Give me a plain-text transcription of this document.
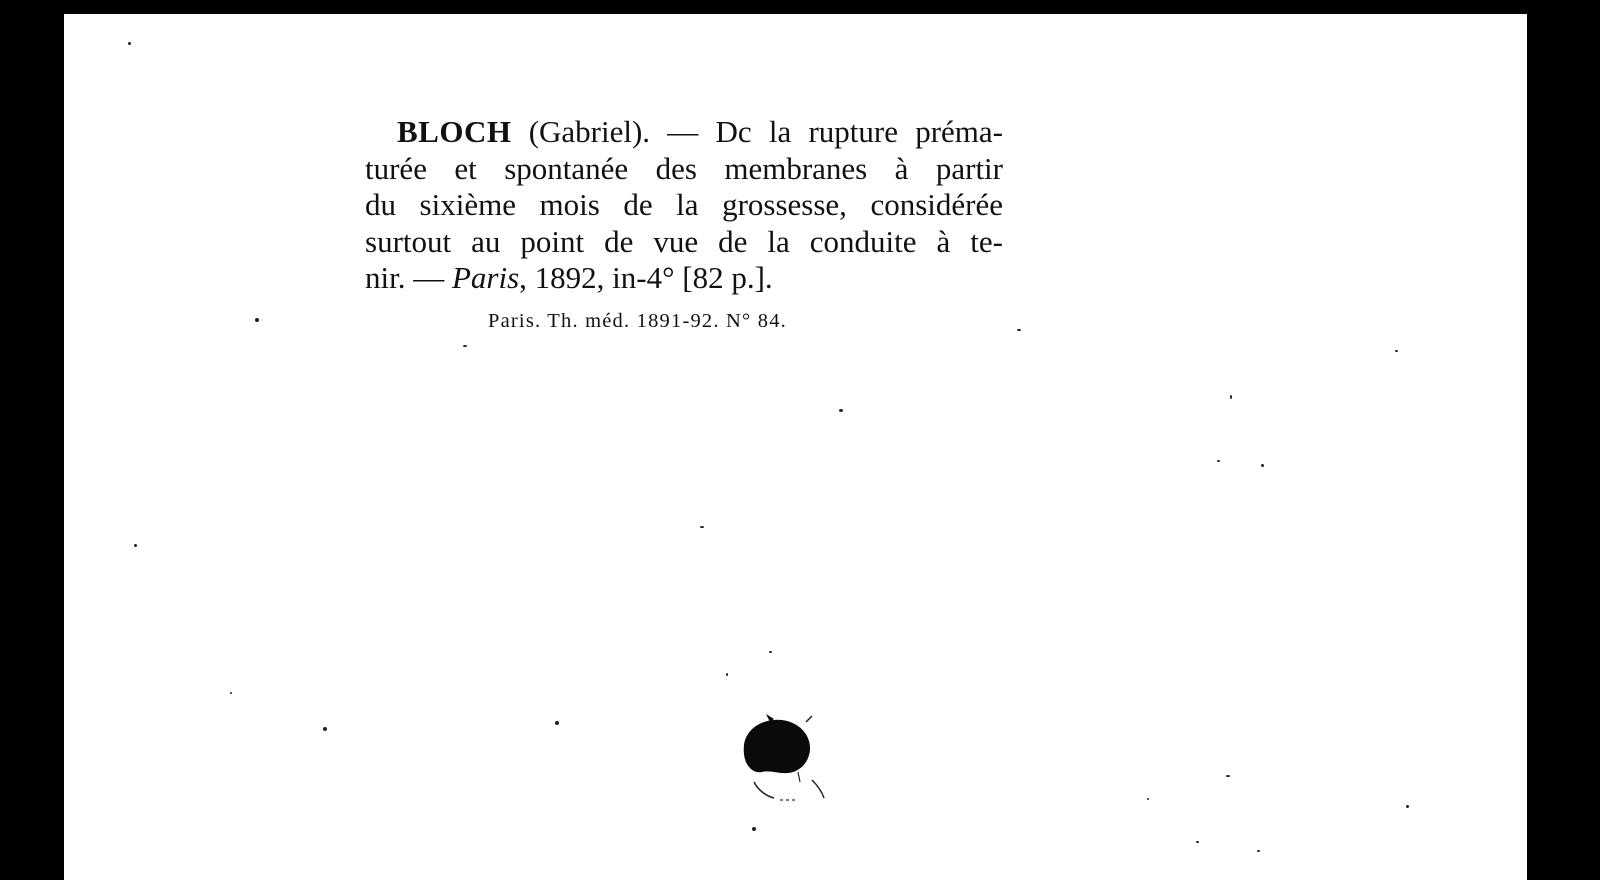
BLOCH (Gabriel). — Dc la rupture préma-
turée et spontanée des membranes à partir
du sixième mois de la grossesse, considérée
surtout au point de vue de la conduite à te-
nir. — Paris, 1892, in-4° [82 p.].
Paris. Th. méd. 1891-92. N° 84.
